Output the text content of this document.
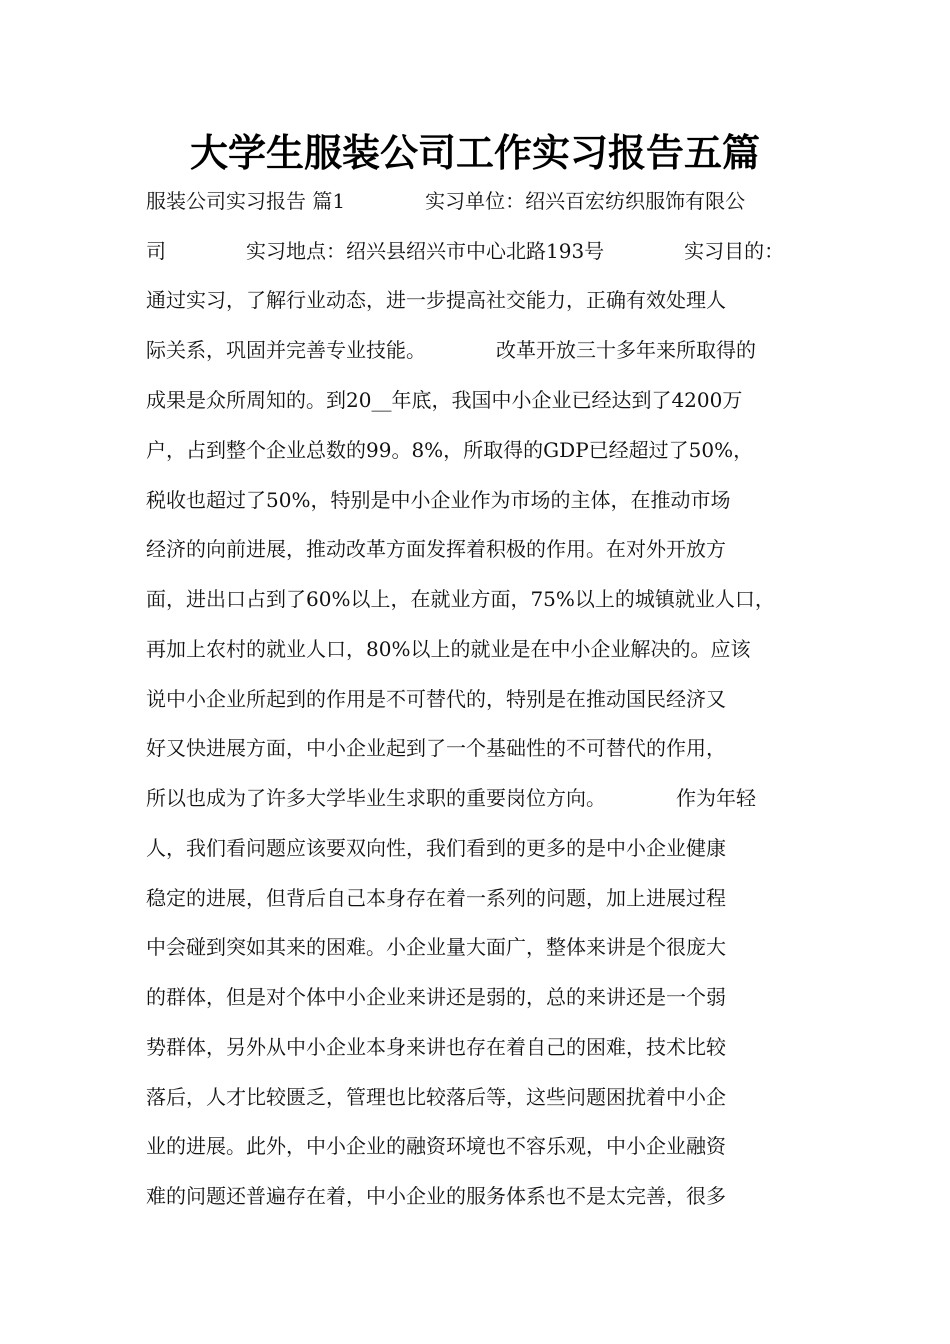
大学生服装公司工作实习报告五篇
服装公司实习报告 篇1　　　　实习单位：绍兴百宏纺织服饰有限公
司　　　　实习地点：绍兴县绍兴市中心北路193号　　　　实习目的：
通过实习，了解行业动态，进一步提高社交能力，正确有效处理人
际关系，巩固并完善专业技能。　　　　改革开放三十多年来所取得的
成果是众所周知的。到20__年底，我国中小企业已经达到了4200万
户，占到整个企业总数的99。8%，所取得的GDP已经超过了50%，
税收也超过了50%，特别是中小企业作为市场的主体，在推动市场
经济的向前进展，推动改革方面发挥着积极的作用。在对外开放方
面，进出口占到了60%以上，在就业方面，75%以上的城镇就业人口，
再加上农村的就业人口，80%以上的就业是在中小企业解决的。应该
说中小企业所起到的作用是不可替代的，特别是在推动国民经济又
好又快进展方面，中小企业起到了一个基础性的不可替代的作用，
所以也成为了许多大学毕业生求职的重要岗位方向。　　　　作为年轻
人，我们看问题应该要双向性，我们看到的更多的是中小企业健康
稳定的进展，但背后自己本身存在着一系列的问题，加上进展过程
中会碰到突如其来的困难。小企业量大面广，整体来讲是个很庞大
的群体，但是对个体中小企业来讲还是弱的，总的来讲还是一个弱
势群体，另外从中小企业本身来讲也存在着自己的困难，技术比较
落后，人才比较匮乏，管理也比较落后等，这些问题困扰着中小企
业的进展。此外，中小企业的融资环境也不容乐观，中小企业融资
难的问题还普遍存在着，中小企业的服务体系也不是太完善，很多
